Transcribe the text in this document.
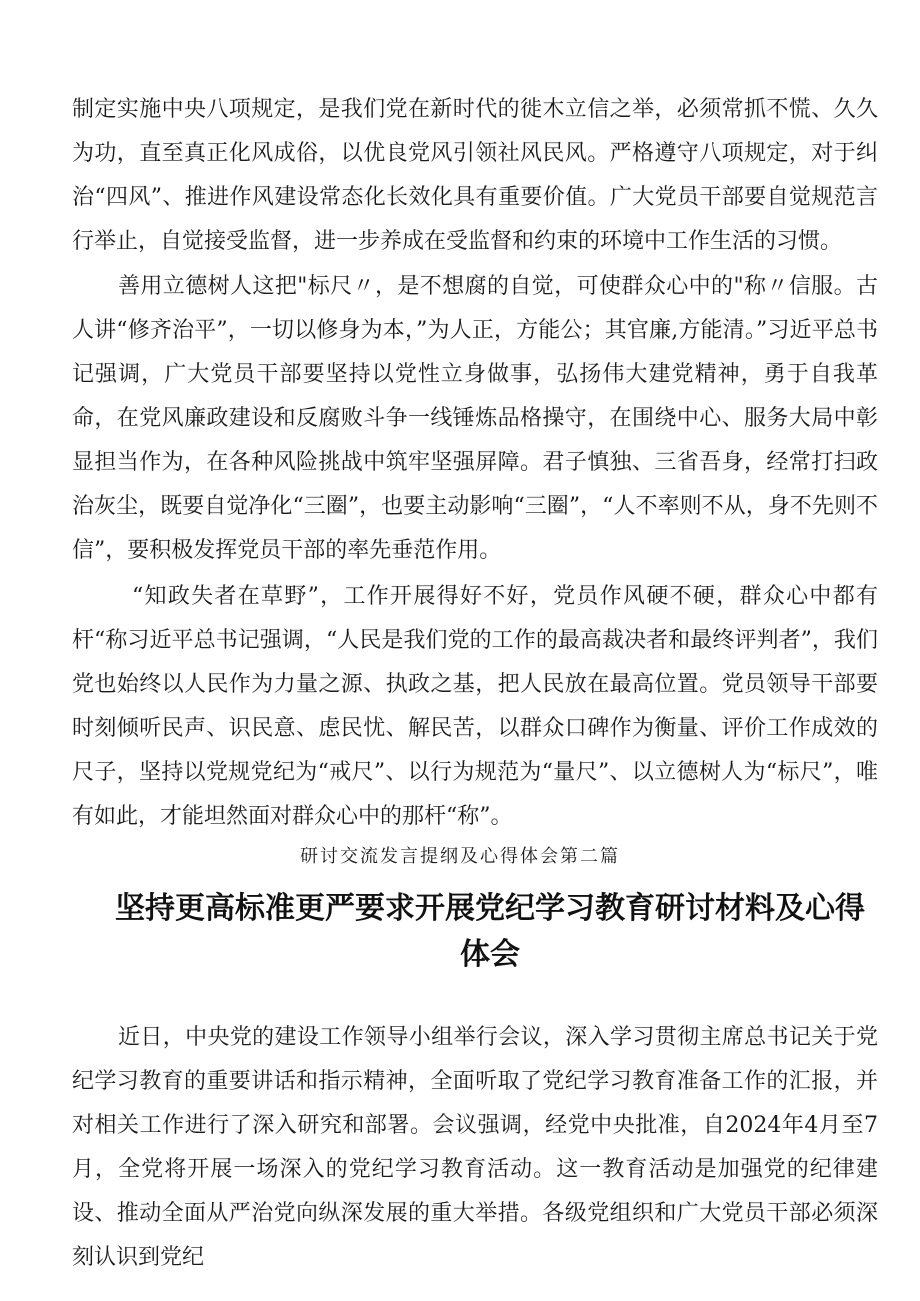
制定实施中央八项规定，是我们党在新时代的徙木立信之举，必须常抓不慌、久久为功，直至真正化风成俗，以优良党风引领社风民风。严格遵守八项规定，对于纠治“四风”、推进作风建设常态化长效化具有重要价值。广大党员干部要自觉规范言行举止，自觉接受监督，进一步养成在受监督和约束的环境中工作生活的习惯。

善用立德树人这把"标尺〃，是不想腐的自觉，可使群众心中的"称〃信服。古人讲“修齐治平”，一切以修身为本，”为人正，方能公；其官廉,方能清。”习近平总书记强调，广大党员干部要坚持以党性立身做事，弘扬伟大建党精神，勇于自我革命，在党风廉政建设和反腐败斗争一线锤炼品格操守，在围绕中心、服务大局中彰显担当作为，在各种风险挑战中筑牢坚强屏障。君子慎独、三省吾身，经常打扫政治灰尘，既要自觉净化“三圈”，也要主动影响“三圈”，“人不率则不从，身不先则不信”，要积极发挥党员干部的率先垂范作用。

“知政失者在草野”，工作开展得好不好，党员作风硬不硬，群众心中都有杆“称习近平总书记强调，“人民是我们党的工作的最高裁决者和最终评判者”，我们党也始终以人民作为力量之源、执政之基，把人民放在最高位置。党员领导干部要时刻倾听民声、识民意、虑民忧、解民苦，以群众口碑作为衡量、评价工作成效的尺子，坚持以党规党纪为“戒尺”、以行为规范为“量尺”、以立德树人为“标尺”，唯有如此，才能坦然面对群众心中的那杆“称”。

研讨交流发言提纲及心得体会第二篇

坚持更高标准更严要求开展党纪学习教育研讨材料及心得体会

近日，中央党的建设工作领导小组举行会议，深入学习贯彻主席总书记关于党纪学习教育的重要讲话和指示精神，全面听取了党纪学习教育准备工作的汇报，并对相关工作进行了深入研究和部署。会议强调，经党中央批准，自2024年4月至7月，全党将开展一场深入的党纪学习教育活动。这一教育活动是加强党的纪律建设、推动全面从严治党向纵深发展的重大举措。各级党组织和广大党员干部必须深刻认识到党纪
